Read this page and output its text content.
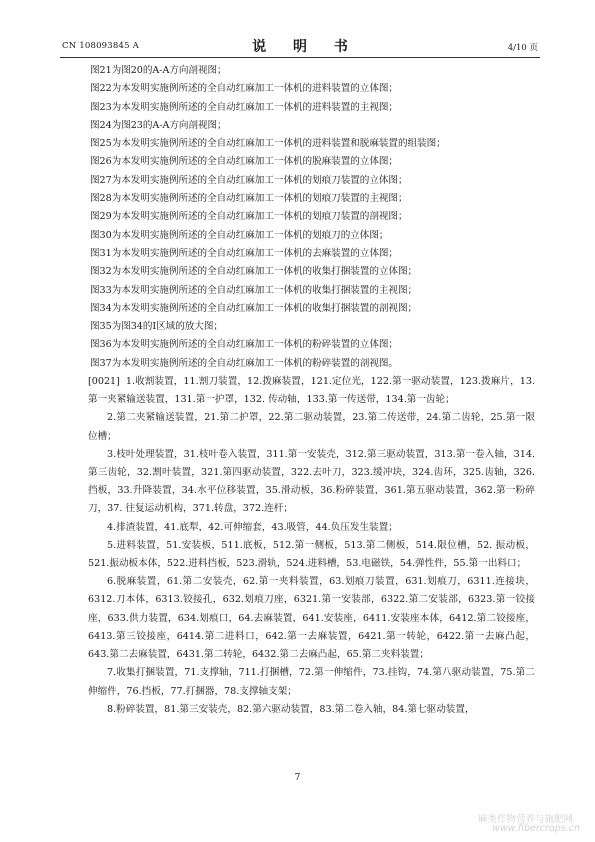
CN 108093845 A	说 明 书	4/10 页
图21为图20的A-A方向剖视图；
图22为本发明实施例所述的全自动红麻加工一体机的进料装置的立体图；
图23为本发明实施例所述的全自动红麻加工一体机的进料装置的主视图；
图24为图23的A-A方向剖视图；
图25为本发明实施例所述的全自动红麻加工一体机的进料装置和脱麻装置的组装图；
图26为本发明实施例所述的全自动红麻加工一体机的脱麻装置的立体图；
图27为本发明实施例所述的全自动红麻加工一体机的划痕刀装置的立体图；
图28为本发明实施例所述的全自动红麻加工一体机的划痕刀装置的主视图；
图29为本发明实施例所述的全自动红麻加工一体机的划痕刀装置的剖视图；
图30为本发明实施例所述的全自动红麻加工一体机的划痕刀的立体图；
图31为本发明实施例所述的全自动红麻加工一体机的去麻装置的立体图；
图32为本发明实施例所述的全自动红麻加工一体机的收集打捆装置的立体图；
图33为本发明实施例所述的全自动红麻加工一体机的收集打捆装置的主视图；
图34为本发明实施例所述的全自动红麻加工一体机的收集打捆装置的剖视图；
图35为图34的I区域的放大图；
图36为本发明实施例所述的全自动红麻加工一体机的粉碎装置的立体图；
图37为本发明实施例所述的全自动红麻加工一体机的粉碎装置的剖视图。
[0021] 1.收割装置，11.割刀装置，12.拨麻装置，121.定位光，122.第一驱动装置，123.拨麻片，13.第一夹紧输送装置，131.第一护罩，132. 传动轴，133.第一传送带，134.第一齿轮；
2.第二夹紧输送装置，21.第二护罩，22.第二驱动装置，23.第二传送带，24.第二齿轮，25.第一限位槽；
3.枝叶处理装置，31.枝叶卷入装置，311.第一安装壳，312.第三驱动装置，313.第一卷入轴，314.第三齿轮，32.割叶装置，321.第四驱动装置，322.去叶刀，323.缓冲块，324.齿环，325.齿轴，326. 挡板，33.升降装置，34.水平位移装置，35.滑动板，36.粉碎装置，361.第五驱动装置，362.第一粉碎刀，37. 往复运动机构，371.转盘，372.连杆；
4.排渣装置，41.底犁，42.可伸缩套，43.吸管，44.负压发生装置；
5.进料装置，51.安装板，511.底板，512.第一侧板，513.第二侧板，514.限位槽，52. 振动板，521.振动板本体，522.进料挡板，523.滑轨，524.进料槽，53.电磁铁，54.弹性件，55.第一出料口；
6.脱麻装置，61.第二安装壳，62.第一夹料装置，63.划痕刀装置，631.划痕刀，6311.连接块，6312.刀本体，6313.铰接孔，632.划痕刀座，6321.第一安装部，6322.第二安装部，6323.第一铰接座，633.供力装置，634.划痕口，64.去麻装置，641.安装座，6411.安装座本体，6412.第二铰接座，6413.第三铰接座，6414.第二进料口，642.第一去麻装置，6421.第一转轮，6422.第一去麻凸起，643.第二去麻装置，6431.第二转轮，6432.第二去麻凸起，65.第二夹料装置；
7.收集打捆装置，71.支撑轴，711.打捆槽，72.第一伸缩件，73.挂钩，74.第八驱动装置，75.第二伸缩件，76.挡板，77.打捆器，78.支撑轴支架；
8.粉碎装置，81.第三安装壳，82.第六驱动装置，83.第二卷入轴，84.第七驱动装置，
7
麻类作物营养与施肥网
www.fibercrops.cn
